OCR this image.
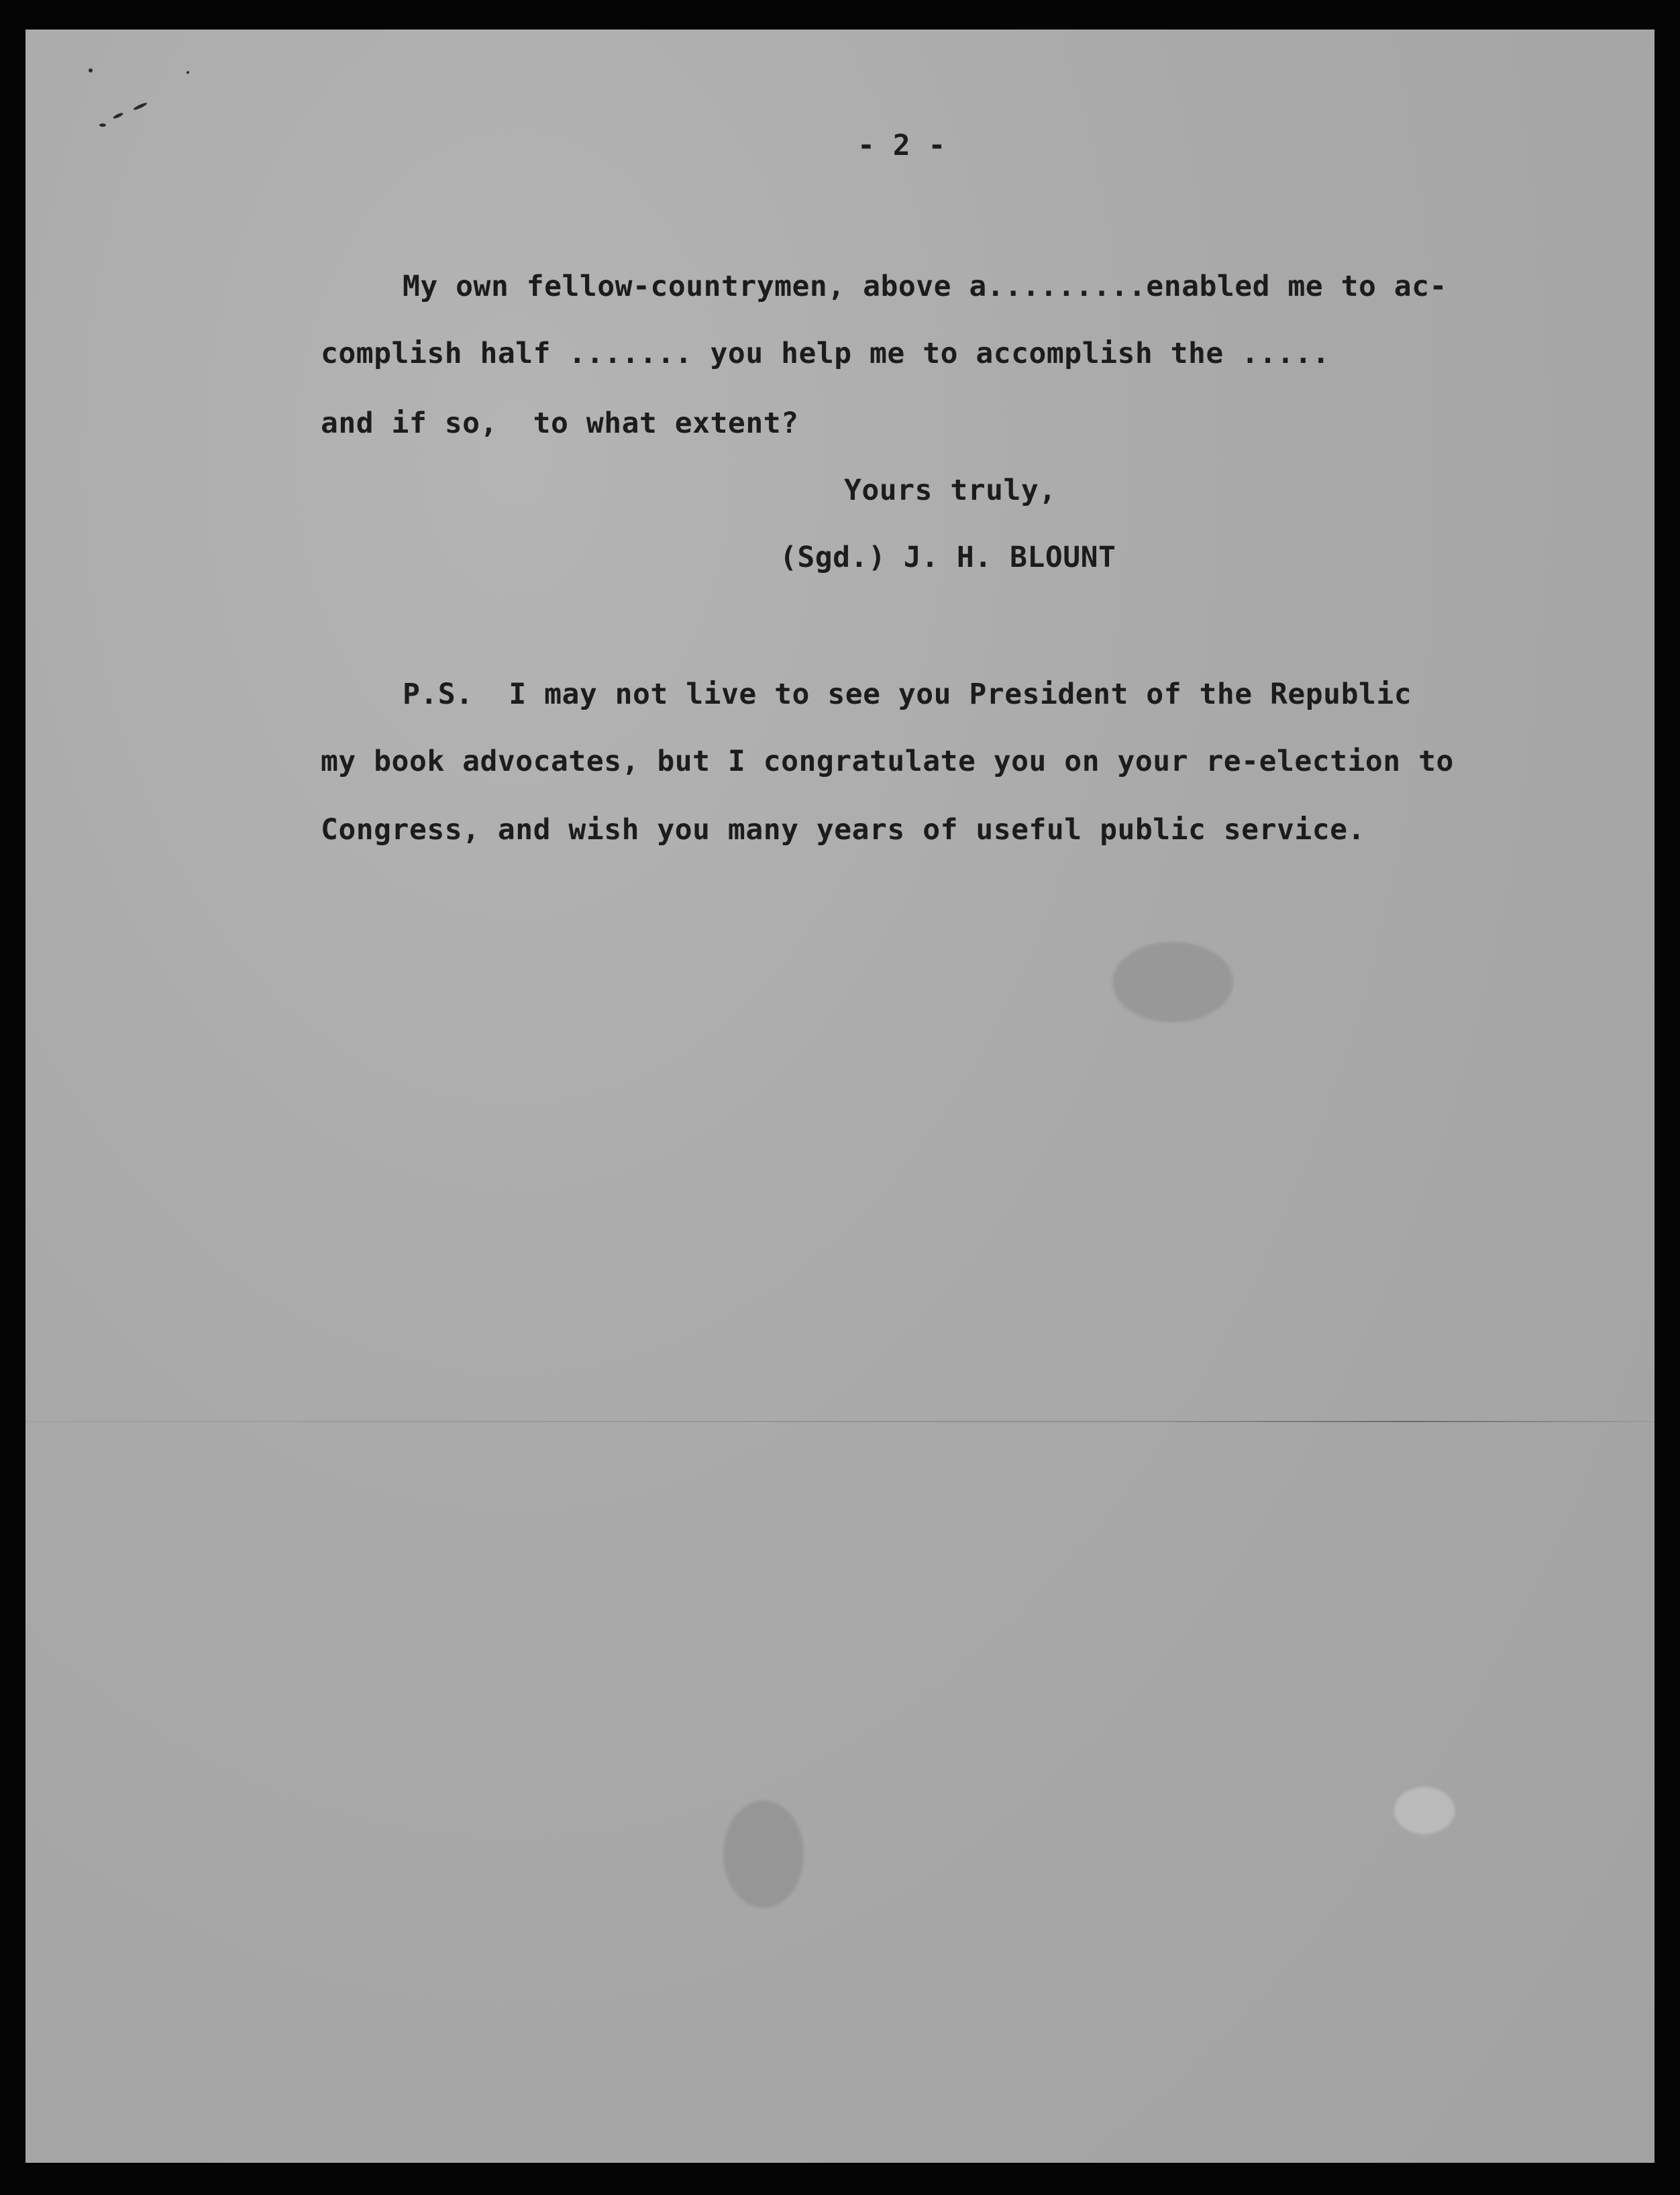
- 2 -
My own fellow-countrymen, above a.........enabled me to ac-
complish half ....... you help me to accomplish the .....
and if so,  to what extent?
Yours truly,
(Sgd.) J. H. BLOUNT
P.S.  I may not live to see you President of the Republic
my book advocates, but I congratulate you on your re-election to
Congress, and wish you many years of useful public service.
